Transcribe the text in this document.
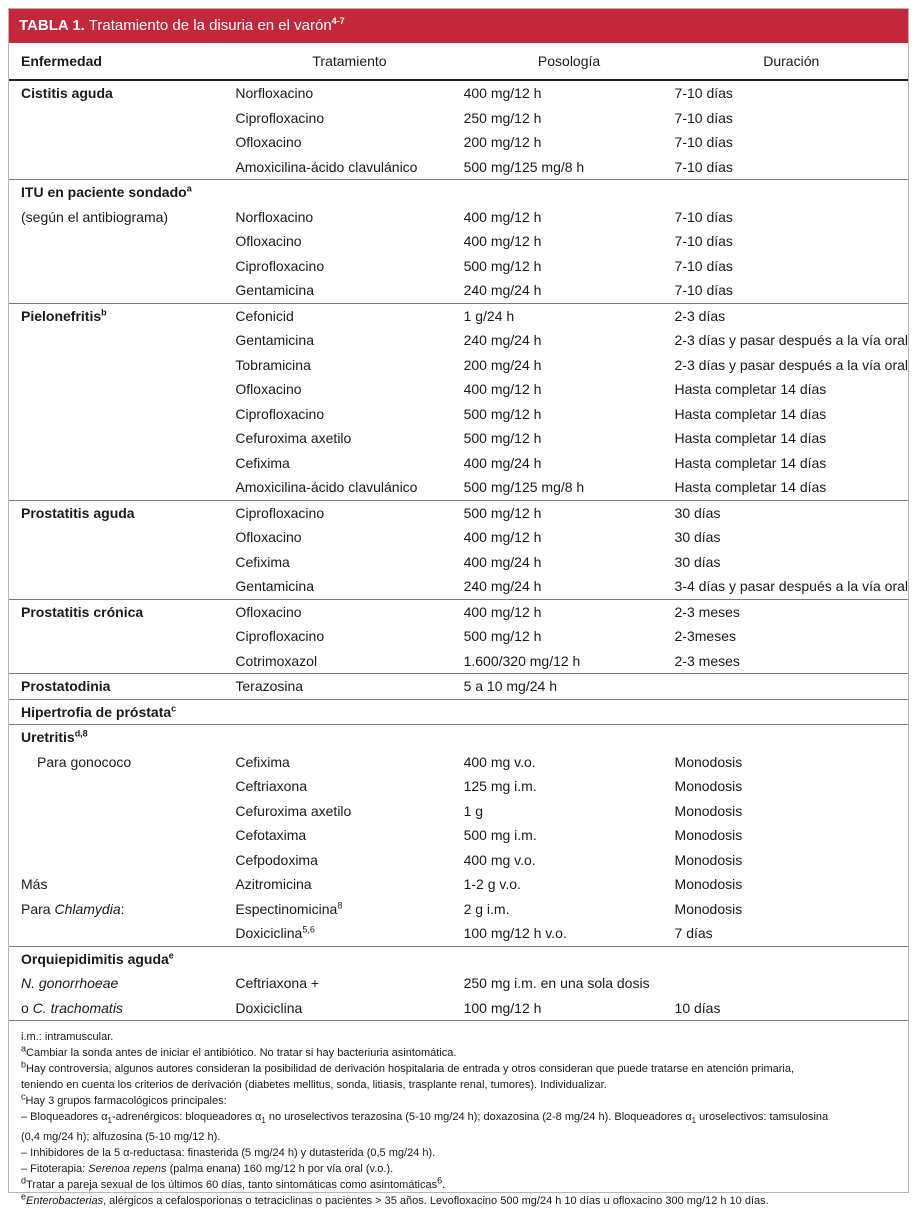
TABLA 1. Tratamiento de la disuria en el varón$^{4-7}$
Enfermedad	Tratamiento	Posología	Duración
Cistitis aguda	Norfloxacino	400 mg/12 h	7-10 días
	Ciprofloxacino	250 mg/12 h	7-10 días
	Ofloxacino	200 mg/12 h	7-10 días
	Amoxicilina-ácido clavulánico	500 mg/125 mg/8 h	7-10 días
ITU en paciente sondado$^a$			
(según el antibiograma)	Norfloxacino	400 mg/12 h	7-10 días
	Ofloxacino	400 mg/12 h	7-10 días
	Ciprofloxacino	500 mg/12 h	7-10 días
	Gentamicina	240 mg/24 h	7-10 días
Pielonefritis$^b$	Cefonicid	1 g/24 h	2-3 días
	Gentamicina	240 mg/24 h	2-3 días y pasar después a la vía oral
	Tobramicina	200 mg/24 h	2-3 días y pasar después a la vía oral
	Ofloxacino	400 mg/12 h	Hasta completar 14 días
	Ciprofloxacino	500 mg/12 h	Hasta completar 14 días
	Cefuroxima axetilo	500 mg/12 h	Hasta completar 14 días
	Cefixima	400 mg/24 h	Hasta completar 14 días
	Amoxicilina-ácido clavulánico	500 mg/125 mg/8 h	Hasta completar 14 días
Prostatitis aguda	Ciprofloxacino	500 mg/12 h	30 días
	Ofloxacino	400 mg/12 h	30 días
	Cefixima	400 mg/24 h	30 días
	Gentamicina	240 mg/24 h	3-4 días y pasar después a la vía oral
Prostatitis crónica	Ofloxacino	400 mg/12 h	2-3 meses
	Ciprofloxacino	500 mg/12 h	2-3meses
	Cotrimoxazol	1.600/320 mg/12 h	2-3 meses
Prostatodinia	Terazosina	5 a 10 mg/24 h	
Hipertrofia de próstata$^c$			
Uretritis$^{d,8}$			
Para gonococo	Cefixima	400 mg v.o.	Monodosis
	Ceftriaxona	125 mg i.m.	Monodosis
	Cefuroxima axetilo	1 g	Monodosis
	Cefotaxima	500 mg i.m.	Monodosis
	Cefpodoxima	400 mg v.o.	Monodosis
Más	Azitromicina	1-2 g v.o.	Monodosis
Para Chlamydia:	Espectinomicina$^8$	2 g i.m.	Monodosis
	Doxiciclina$^{5,6}$	100 mg/12 h v.o.	7 días
Orquiepidimitis aguda$^e$			
N. gonorrhoeae	Ceftriaxona +	250 mg i.m. en una sola dosis	
o C. trachomatis	Doxiciclina	100 mg/12 h	10 días
i.m.: intramuscular.
$^a$Cambiar la sonda antes de iniciar el antibiótico. No tratar si hay bacteriuria asintomática.
$^b$Hay controversia, algunos autores consideran la posibilidad de derivación hospitalaria de entrada y otros consideran que puede tratarse en atención primaria,
teniendo en cuenta los criterios de derivación (diabetes mellitus, sonda, litiasis, trasplante renal, tumores). Individualizar.
$^c$Hay 3 grupos farmacológicos principales:
– Bloqueadores $\alpha_1$-adrenérgicos: bloqueadores $\alpha_1$ no uroselectivos terazosina (5-10 mg/24 h); doxazosina (2-8 mg/24 h). Bloqueadores $\alpha_1$ uroselectivos: tamsulosina
(0,4 mg/24 h); alfuzosina (5-10 mg/12 h).
– Inhibidores de la 5 α-reductasa: finasterida (5 mg/24 h) y dutasterida (0,5 mg/24 h).
– Fitoterapia: Serenoa repens (palma enana) 160 mg/12 h por vía oral (v.o.).
$^d$Tratar a pareja sexual de los últimos 60 días, tanto sintomáticas como asintomáticas$^6$.
$^e$Enterobacterias, alérgicos a cefalosporionas o tetraciclinas o pacientes > 35 años. Levofloxacino 500 mg/24 h 10 días u ofloxacino 300 mg/12 h 10 días.
